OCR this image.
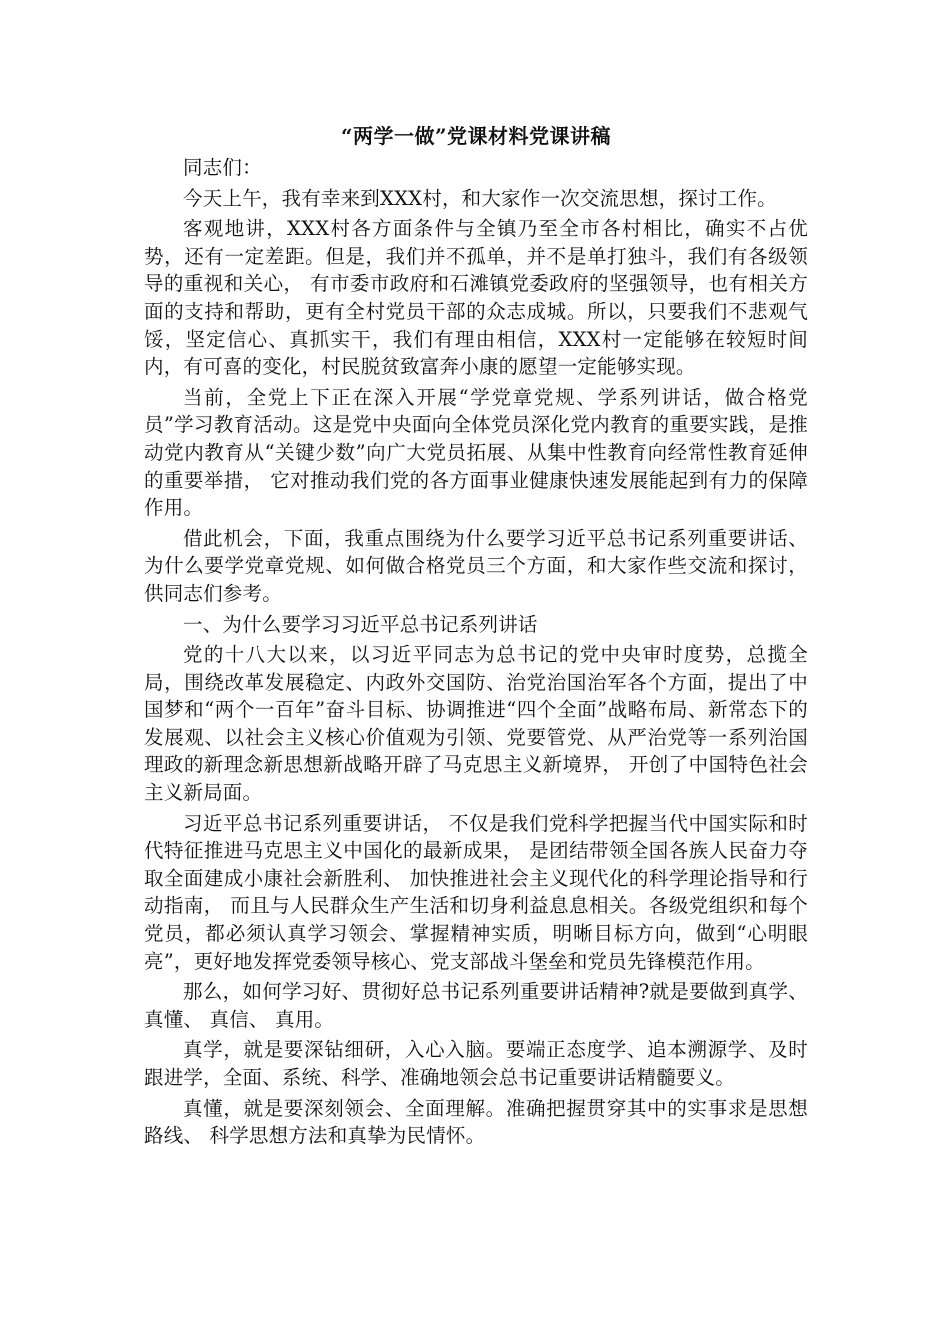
“两学一做”党课材料党课讲稿

同志们：

今天上午，我有幸来到XXX村，和大家作一次交流思想，探讨工作。

客观地讲，XXX村各方面条件与全镇乃至全市各村相比，确实不占优势，还有一定差距。但是，我们并不孤单，并不是单打独斗，我们有各级领导的重视和关心， 有市委市政府和石滩镇党委政府的坚强领导，也有相关方面的支持和帮助，更有全村党员干部的众志成城。所以，只要我们不悲观气馁，坚定信心、真抓实干，我们有理由相信，XXX村一定能够在较短时间内，有可喜的变化，村民脱贫致富奔小康的愿望一定能够实现。

当前，全党上下正在深入开展“学党章党规、学系列讲话，做合格党员”学习教育活动。这是党中央面向全体党员深化党内教育的重要实践，是推动党内教育从“关键少数”向广大党员拓展、从集中性教育向经常性教育延伸的重要举措， 它对推动我们党的各方面事业健康快速发展能起到有力的保障作用。

借此机会，下面，我重点围绕为什么要学习近平总书记系列重要讲话、为什么要学党章党规、如何做合格党员三个方面，和大家作些交流和探讨，供同志们参考。

一、为什么要学习习近平总书记系列讲话

党的十八大以来，以习近平同志为总书记的党中央审时度势，总揽全局，围绕改革发展稳定、内政外交国防、治党治国治军各个方面，提出了中国梦和“两个一百年”奋斗目标、协调推进“四个全面”战略布局、新常态下的发展观、以社会主义核心价值观为引领、党要管党、从严治党等一系列治国理政的新理念新思想新战略开辟了马克思主义新境界， 开创了中国特色社会主义新局面。

习近平总书记系列重要讲话， 不仅是我们党科学把握当代中国实际和时代特征推进马克思主义中国化的最新成果， 是团结带领全国各族人民奋力夺取全面建成小康社会新胜利、 加快推进社会主义现代化的科学理论指导和行动指南， 而且与人民群众生产生活和切身利益息息相关。各级党组织和每个党员，都必须认真学习领会、掌握精神实质，明晰目标方向，做到“心明眼亮”，更好地发挥党委领导核心、党支部战斗堡垒和党员先锋模范作用。

那么，如何学习好、贯彻好总书记系列重要讲话精神?就是要做到真学、 真懂、 真信、 真用。

真学，就是要深钻细研，入心入脑。要端正态度学、追本溯源学、及时跟进学，全面、系统、科学、准确地领会总书记重要讲话精髓要义。

真懂，就是要深刻领会、全面理解。准确把握贯穿其中的实事求是思想路线、 科学思想方法和真挚为民情怀。
